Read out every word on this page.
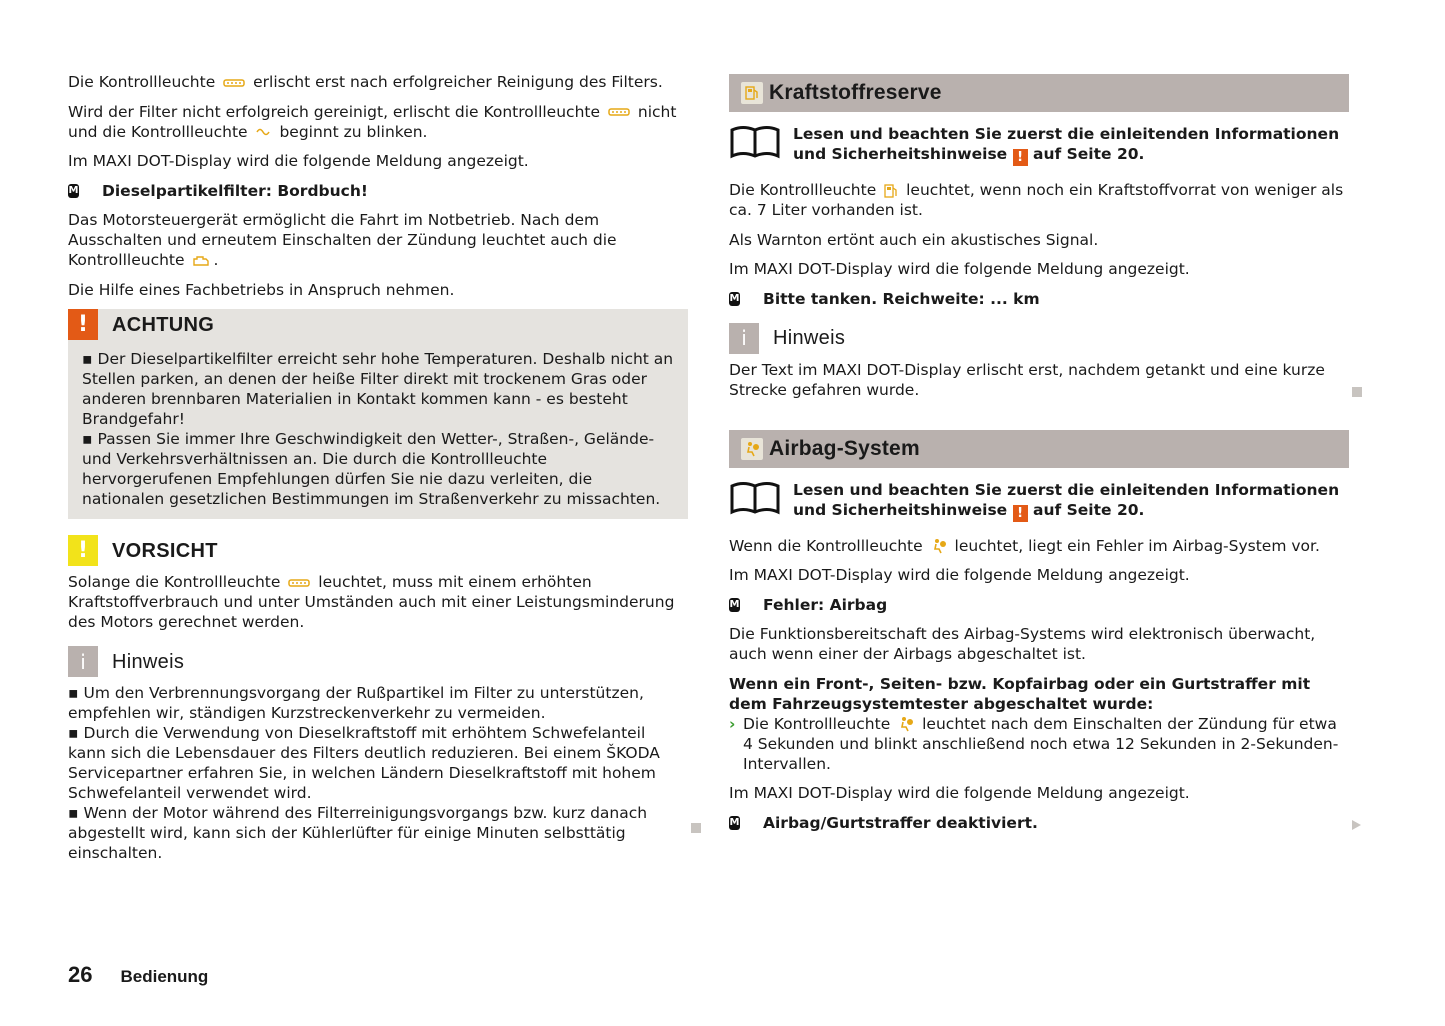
Die Kontrollleuchte erlischt erst nach erfolgreicher Reinigung des Filters.

Wird der Filter nicht erfolgreich gereinigt, erlischt die Kontrollleuchte nicht und die Kontrollleuchte beginnt zu blinken.

Im MAXI DOT-Display wird die folgende Meldung angezeigt.

M Dieselpartikelfilter: Bordbuch!

Das Motorsteuergerät ermöglicht die Fahrt im Notbetrieb. Nach dem Ausschalten und erneutem Einschalten der Zündung leuchtet auch die Kontrollleuchte .

Die Hilfe eines Fachbetriebs in Anspruch nehmen.

!	ACHTUNG
▪ Der Dieselpartikelfilter erreicht sehr hohe Temperaturen. Deshalb nicht an Stellen parken, an denen der heiße Filter direkt mit trockenem Gras oder anderen brennbaren Materialien in Kontakt kommen kann - es besteht Brandgefahr!
▪ Passen Sie immer Ihre Geschwindigkeit den Wetter-, Straßen-, Gelände- und Verkehrsverhältnissen an. Die durch die Kontrollleuchte hervorgerufenen Empfehlungen dürfen Sie nie dazu verleiten, die nationalen gesetzlichen Bestimmungen im Straßenverkehr zu missachten.
!	VORSICHT

Solange die Kontrollleuchte leuchtet, muss mit einem erhöhten Kraftstoffverbrauch und unter Umständen auch mit einer Leistungsminderung des Motors gerechnet werden.

i	Hinweis
▪ Um den Verbrennungsvorgang der Rußpartikel im Filter zu unterstützen, empfehlen wir, ständigen Kurzstreckenverkehr zu vermeiden.
▪ Durch die Verwendung von Dieselkraftstoff mit erhöhtem Schwefelanteil kann sich die Lebensdauer des Filters deutlich reduzieren. Bei einem ŠKODA Servicepartner erfahren Sie, in welchen Ländern Dieselkraftstoff mit hohem Schwefelanteil verwendet wird.
▪ Wenn der Motor während des Filterreinigungsvorgangs bzw. kurz danach abgestellt wird, kann sich der Kühlerlüfter für einige Minuten selbsttätig einschalten.
Kraftstoffreserve
Lesen und beachten Sie zuerst die einleitenden Informationen und Sicherheitshinweise ! auf Seite 20.

Die Kontrollleuchte leuchtet, wenn noch ein Kraftstoffvorrat von weniger als ca. 7 Liter vorhanden ist.

Als Warnton ertönt auch ein akustisches Signal.

Im MAXI DOT-Display wird die folgende Meldung angezeigt.

M Bitte tanken. Reichweite: ... km
i	Hinweis

Der Text im MAXI DOT-Display erlischt erst, nachdem getankt und eine kurze Strecke gefahren wurde.

Airbag-System
Lesen und beachten Sie zuerst die einleitenden Informationen und Sicherheitshinweise ! auf Seite 20.

Wenn die Kontrollleuchte leuchtet, liegt ein Fehler im Airbag-System vor.

Im MAXI DOT-Display wird die folgende Meldung angezeigt.

M Fehler: Airbag

Die Funktionsbereitschaft des Airbag-Systems wird elektronisch überwacht, auch wenn einer der Airbags abgeschaltet ist.

Wenn ein Front-, Seiten- bzw. Kopfairbag oder ein Gurtstraffer mit dem Fahrzeugsystemtester abgeschaltet wurde:

› Die Kontrollleuchte leuchtet nach dem Einschalten der Zündung für etwa 4 Sekunden und blinkt anschließend noch etwa 12 Sekunden in 2-Sekunden-Intervallen.

Im MAXI DOT-Display wird die folgende Meldung angezeigt.

M Airbag/Gurtstraffer deaktiviert.
26 Bedienung
